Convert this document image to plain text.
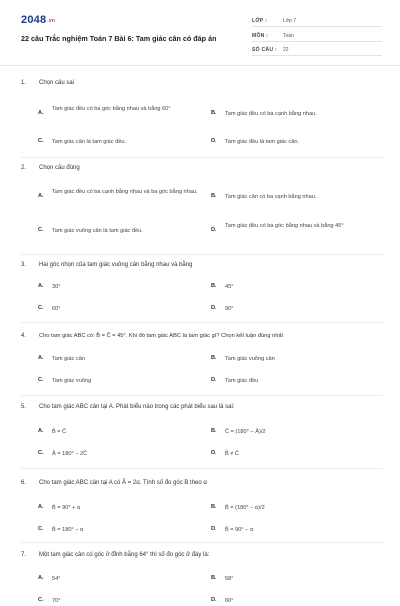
2048.vn
22 câu Trắc nghiệm Toán 7 Bài 6: Tam giác cân có đáp án
LỚP :	Lớp 7
MÔN :	Toán
SỐ CÂU : 22
1. Chọn câu sai
A.
Tam giác đều có ba góc bằng nhau và bằng 60°
B. Tam giác đều có ba cạnh bằng nhau.
C. Tam giác cân là tam giác đều.	D. Tam giác đều là tam giác cân.
2. Chọn câu đúng
A.
Tam giác đều có ba cạnh bằng nhau và ba góc bằng nhau.
B. Tam giác cân có ba cạnh bằng nhau.
C. Tam giác vuông cân là tam giác đều.	D.
Tam giác đều có ba góc bằng nhau và bằng 45°
3. Hai góc nhọn của tam giác vuông cân bằng nhau và bằng
A. 30°	B. 45°
C. 60°	D. 90°
4. Cho tam giác ABC có: B̂ = Ĉ = 45°. Khi đó tam giác ABC là tam giác gì? Chọn kết luận đúng nhất
A. Tam giác cân	B. Tam giác vuông cân
C. Tam giác vuông	D. Tam giác đều
5. Cho tam giác ABC cân tại A. Phát biểu nào trong các phát biểu sau là sai:
A. B̂ = Ĉ	B. Ĉ = (180° − Â)/2
C. Â = 180° − 2Ĉ	D. B̂ ≠ Ĉ
6. Cho tam giác ABC cân tại A có Â = 2α. Tính số đo góc B theo α
A. B̂ = 90° + α	B. B̂ = (180° − α)/2
C. B̂ = 180° − α	D. B̂ = 90° − α
7. Một tam giác cân có góc ở đỉnh bằng 64° thì số đo góc ở đáy là:
A. 54°	B. 58°
C. 70°	D. 60°
